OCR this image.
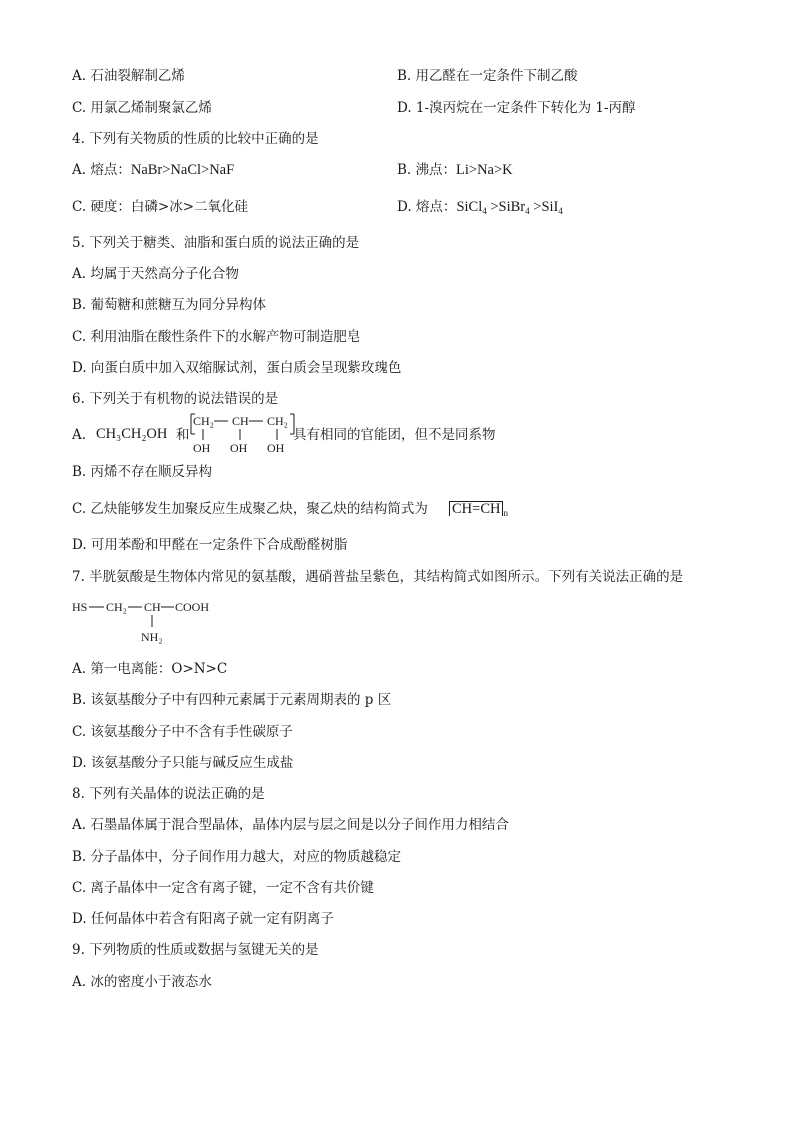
A. 石油裂解制乙烯	B. 用乙醛在一定条件下制乙酸
C. 用氯乙烯制聚氯乙烯	D. 1-溴丙烷在一定条件下转化为 1-丙醇
4. 下列有关物质的性质的比较中正确的是
A. 熔点：NaBr>NaCl>NaF	B. 沸点：Li>Na>K
C. 硬度：白磷>冰>二氧化硅	D. 熔点：SiCl$_4$ >SiBr$_4$ >SiI$_4$
5. 下列关于糖类、油脂和蛋白质的说法正确的是
A. 均属于天然高分子化合物
B. 葡萄糖和蔗糖互为同分异构体
C. 利用油脂在酸性条件下的水解产物可制造肥皂
D. 向蛋白质中加入双缩脲试剂，蛋白质会呈现紫玫瑰色
6. 下列关于有机物的说法错误的是
A. CH₃CH₂OH 和
CH₂ CH CH₂
OH OH OH
具有相同的官能团，但不是同系物
B. 丙烯不存在顺反异构
C. 乙炔能够发生加聚反应生成聚乙炔，聚乙炔的结构简式为 CH=CH $_n$
D. 可用苯酚和甲醛在一定条件下合成酚醛树脂
7. 半胱氨酸是生物体内常见的氨基酸，遇硝普盐呈紫色，其结构简式如图所示。下列有关说法正确的是
HS CH₂ CH COOH
NH₂
A. 第一电离能：O>N>C
B. 该氨基酸分子中有四种元素属于元素周期表的 p 区
C. 该氨基酸分子中不含有手性碳原子
D. 该氨基酸分子只能与碱反应生成盐
8. 下列有关晶体的说法正确的是
A. 石墨晶体属于混合型晶体，晶体内层与层之间是以分子间作用力相结合
B. 分子晶体中，分子间作用力越大，对应的物质越稳定
C. 离子晶体中一定含有离子键，一定不含有共价键
D. 任何晶体中若含有阳离子就一定有阴离子
9. 下列物质的性质或数据与氢键无关的是
A. 冰的密度小于液态水
